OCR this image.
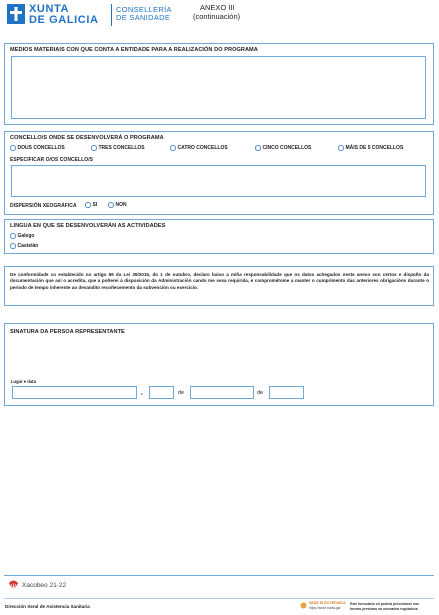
XUNTA
DE GALICIA
CONSELLERÍA
DE SANIDADE
ANEXO III
(continuación)
MEDIOS MATERIAIS CON QUE CONTA A ENTIDADE PARA A REALIZACIÓN DO PROGRAMA
CONCELLO/S ONDE SE DESENVOLVERÁ O PROGRAMA
DOUS CONCELLOS	TRES CONCELLOS	CATRO CONCELLOS	CINCO CONCELLOS	MÁIS DE 5 CONCELLOS
ESPECIFICAR O/OS CONCELLO/S
DISPERSIÓN XEOGRÁFICA	SI	NON
LINGUA EN QUE SE DESENVOLVERÁN AS ACTIVIDADES
Galego
Castelán
De conformidade co establecido no artigo 69 da Lei 39/2015, do 1 de outubro, declaro baixo a miña responsabilidade que os datos achegados neste anexo son certos e dispoño da documentación que así o acredita, que a poñerei á disposición da Administración cando me sexa requirida, e comprométome a manter o cumprimento das anteriores obrigacións durante o período de tempo inherente ao devandito recoñecemento da subvención ou exercicio.
SINATURA DA PERSOA REPRESENTANTE
Lugar e data
,	de	de
Xacobeo 21·22
Dirección Xeral de Asistencia Sanitaria
SEDE ELECTRÓNICA
https://sede.xunta.gal
Este formulario só poderá presentarse nas
formas previstas na normativa reguladora
